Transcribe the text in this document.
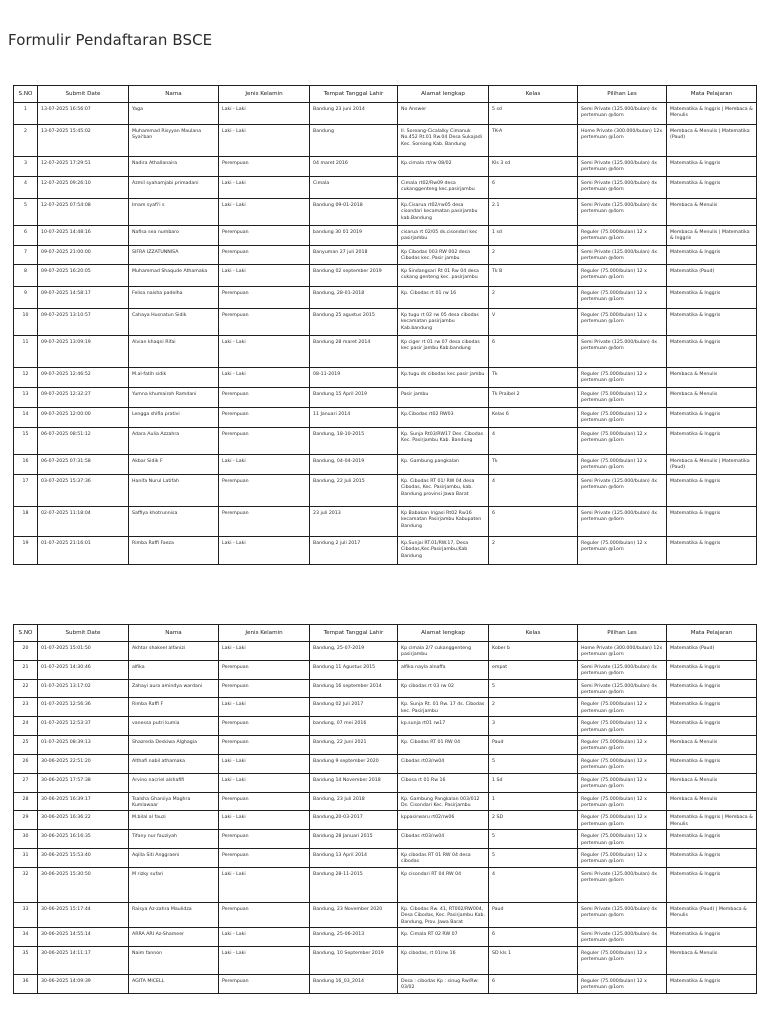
Formulir Pendaftaran BSCE
S.NO	Submit Date	Nama	Jenis Kelamin	Tempat Tanggal Lahir	Alamat lengkap	Kelas	Pilihan Les	Mata Pelajaran
1	13-07-2025 16:56:07	Yaga	Laki - Laki	Bandung 23 juni 2014	No Answer	5 sd	Semi Private (125.000/bulan) 4x pertemuan @4orn	Matematika & Inggris | Membaca & Menulis
2	13-07-2025 15:45:02	Muhammad Risyyan Maulana Syaiʻban	Laki - Laki	Bandung	Il. Soreang-Cicalalky Cimanuk No.452 Rt.01 Rw.04 Desa Sukajadi Kec. Soreang Kab. Bandung	TK-A	Home Private (300.000/bulan) 12x pertemuan @1orn	Membaca & Menulis | Matematika (Paud)
3	12-07-2025 17:29:51	Nadira Athallanaira	Perempuan	04 maret 2016	Kp.cimala rt/rw 08/02	Kls 3 sd	Semi Private (125.000/bulan) 4x pertemuan @4orn	Matematika & Inggris
4	12-07-2025 09:26:10	Azmil syahamjabi primadani	Laki - Laki	Cimala	Cimala rt02/Rw09 desa cukanggenteng kec.pasirjambu	6	Semi Private (125.000/bulan) 4x pertemuan @4orn	Matematika & Inggris
5	12-07-2025 07:54:08	Imam syafi'i s	Laki - Laki	Bandung 09-01-2018	Kp.Cisarua rt02/rw05 desa cisondari kecamatan pasirjambu kab.Bandung	2.1	Semi Private (125.000/bulan) 4x pertemuan @4orn	Membaca & Menulis
6	10-07-2025 14:48:16	Nafisa sea numbaro	Perempuan	bandung 30 01 2019	cisarua rt 02/05 ds.cisondari kec pasirjambu	1 sd	Reguler (75.000/bulan) 12 x pertemuan @1orn	Membaca & Menulis | Matematika & Inggris
7	09-07-2025 21:00:00	SIFRA IZZATUNNISA	Perempuan	Banyuman 27 juli 2018	Kp Cibodas 003 RW 002 desa Cibodas kec. Pasir jambu	2	Semi Private (125.000/bulan) 4x pertemuan @4orn	Matematika & Inggris
8	09-07-2025 16:20:05	Muhammad Shaqude Athamaka	Laki - Laki	Bandung 02 september 2019	Kp Sindangsari Rt 01 Rw 04 desa cukang genteng kec. pasirjambu	Tk B	Reguler (75.000/bulan) 12 x pertemuan @1orn	Matematika (Paud)
9	09-07-2025 14:58:17	Felisa naisha padelha	Perempuan	Bandung, 28-01-2018	Kp. Cibodas rt 01 rw 16	2	Reguler (75.000/bulan) 12 x pertemuan @1orn	Matematika & Inggris
10	09-07-2025 13:10:57	Cahaya Husnatun Sidik	Perempuan	Bandung 25 agustus 2015	Kp tugu rt 02 rw 05 desa cibodas kecamatan pasirjambu Kab.bandung	V	Reguler (75.000/bulan) 12 x pertemuan @1orn	Matematika & Inggris
11	09-07-2025 13:09:19	Alvian khaqni Rifai	Laki - Laki	Bandung 28 maret 2014	Kp ciger rt 01 rw 07 desa cibodas kec pasir jambu Kab.bandung	6	Semi Private (125.000/bulan) 4x pertemuan @4orn	Matematika & Inggris
12	09-07-2025 12:46:52	M.al-fatih sidik	Laki - Laki	08-11-2019	Kp.tugu ds cibodas kec.pasir jambu	Tk	Reguler (75.000/bulan) 12 x pertemuan @1orn	Membaca & Menulis
13	09-07-2025 12:32:27	Yumna khumairoh Ramdani	Perempuan	Bandung 15 April 2019	Pasir jambu	Tk Praibel 2	Reguler (75.000/bulan) 12 x pertemuan @1orn	Membaca & Menulis
14	09-07-2025 12:00:00	Lengga shifla prativi	Perempuan	11 Januari 2014	Kp.Cibodas rt02 RW03	Kelas 6	Reguler (75.000/bulan) 12 x pertemuan @1orn	Matematika & Inggris
15	06-07-2025 08:51:12	Adara Aulia Azzahra	Perempuan	Bandung, 18-10-2015	Kp. Sunja Rt03/RW17 Des. Cibodas Kec. Pasirjambu Kab. Bandung	4	Reguler (75.000/bulan) 12 x pertemuan @1orn	Matematika & Inggris
16	06-07-2025 07:31:58	Akbar Sidik F	Laki - Laki	Bandung, 04-04-2019	Kp. Gambung pangkalan	Tk	Reguler (75.000/bulan) 12 x pertemuan @1orn	Membaca & Menulis | Matematika (Paud)
17	03-07-2025 15:37:36	Hanifa Nurul Latifah	Perempuan	Bandung, 22 Juli 2015	Kp. Cibodas RT 01/ RW 04 desa Cibodas, Kec. Pasirjambu, kab. Bandung provinsi Jawa Barat	4	Semi Private (125.000/bulan) 4x pertemuan @4orn	Matematika & Inggris
18	02-07-2025 11:18:04	Saffiya khotrunnisa	Perempuan	23 juli 2013	Kp Babakan Irigasi Rt02 Rw16 kecamatan Pasirjambu Kabupaten Bandung	6	Semi Private (125.000/bulan) 4x pertemuan @4orn	Matematika & Inggris
19	01-07-2025 21:16:01	Rimba Raffi Faeza	Laki - Laki	Bandung 2 juli 2017	Kp.Sunjai RT.01/RW.17, Desa Cibodas,Kec.Pasirjambu,Kab Bandung	2	Reguler (75.000/bulan) 12 x pertemuan @1orn	Matematika & Inggris
S.NO	Submit Date	Nama	Jenis Kelamin	Tempat Tanggal Lahir	Alamat lengkap	Kelas	Pilihan Les	Mata Pelajaran
20	01-07-2025 15:01:50	Akhtar shakeel alfanizi	Laki - Laki	Bandung, 25-07-2019	Kp cimala 2/7 cukanggenteng pasirjambu	Kober b	Home Private (300.000/bulan) 12x pertemuan @1orn	Matematika (Paud)
21	01-07-2025 14:30:46	alfika	Perempuan	Bandung 11 Agustus 2015	alfika nayla alnaffa	empat	Semi Private (125.000/bulan) 4x pertemuan @4orn	Matematika & Inggris
22	01-07-2025 13:17:02	Zahayi aura amindya wardani	Perempuan	Bandung 16 september 2014	Kp cibodas rt 03 rw 02	5	Semi Private (125.000/bulan) 4x pertemuan @4orn	Matematika & Inggris
23	01-07-2025 12:56:36	Rimba Raffi F	Laki - Laki	Bandung 02 Juli 2017	Kp. Sunja Rt. 01 Rw. 17 ds. Cibodas kec. Pasirjambu	2	Reguler (75.000/bulan) 12 x pertemuan @1orn	Matematika & Inggris
24	01-07-2025 12:53:37	vanessa putri kumia	Perempuan	bandung, 07 mei 2016	kp.sunja rt01 rw17	3	Reguler (75.000/bulan) 12 x pertemuan @1orn	Matematika & Inggris
25	01-07-2025 08:39:13	Shazreda Deskiwa Alghagia	Perempuan	Bandung, 22 Juni 2021	Kp. Cibodas RT 01 RW 04	Paud	Reguler (75.000/bulan) 12 x pertemuan @1orn	Membaca & Menulis
26	30-06-2025 22:51:20	Althafi nabil athamaka	Laki - Laki	Bandung 9 september 2020	Cibodas rt03/rw04	5	Reguler (75.000/bulan) 12 x pertemuan @1orn	Matematika & Inggris
27	30-06-2025 17:57:38	Arvino nacriel alshafifi	Laki - Laki	Bandung 14 November 2018	Cibosa rt 01 Rw 16	1 Sd	Reguler (75.000/bulan) 12 x pertemuan @1orn	Membaca & Menulis
28	30-06-2025 16:39:17	Tsalsha Ghaniiya Maghra Kumlawaar	Perempuan	Bandung, 23 Juli 2018	Kp. Gambung Pangkalan 003/012 Ds. Cisondari Kec. Pasirjambu	1	Reguler (75.000/bulan) 12 x pertemuan @1orn	Membaca & Menulis
29	30-06-2025 16:36:22	M.bilal al fauzi	Laki - Laki	Bandung,20-03-2017	kppasirwaru rt02/rw06	2 SD	Reguler (75.000/bulan) 12 x pertemuan @1orn	Matematika & Inggris | Membaca & Menulis
30	30-06-2025 16:16:35	Tifany nur fauziyah	Perempuan	Bandung 28 Januari 2015	Cibodas rt03/rw04	5	Reguler (75.000/bulan) 12 x pertemuan @1orn	Matematika & Inggris
31	30-06-2025 15:53:40	Aqilla Siti Anggraeni	Perempuan	Bandung 13 April 2014	Kp cibodas RT 01 RW 04 desa cibodas	5	Reguler (75.000/bulan) 12 x pertemuan @1orn	Matematika & Inggris
32	30-06-2025 15:30:50	M rizky sufari	Laki - Laki	Bandung 28-11-2015	Kp cisondari RT 04 RW 04	4	Semi Private (125.000/bulan) 4x pertemuan @4orn	Matematika & Inggris
33	30-06-2025 15:17:44	Raisya Az-zahra Maulidza	Perempuan	Bandung, 23 November 2020	Kp. Cibodas Rw. 41, RT002/RW004, Desa Cibodas, Kec. Pasirjambu Kab. Bandung, Prov. Jawa Barat	Paud	Semi Private (125.000/bulan) 4x pertemuan @4orn	Matematika (Paud) | Membaca & Menulis
34	30-06-2025 14:55:14	ARRA ARI Az-Shameer	Laki - Laki	Bandung, 25-06-2013	Kp. Cimala RT 02 RW 07	6	Semi Private (125.000/bulan) 4x pertemuan @4orn	Matematika & Inggris
35	30-06-2025 14:11:17	Naim fannon	Laki - Laki	Bandung, 10 September 2019	Kp cibodas, rt 01/rw 16	SD kls 1	Reguler (75.000/bulan) 12 x pertemuan @1orn	Membaca & Menulis
36	30-06-2025 14:09:39	AGITA MICELL	Perempuan	Bandung 16_03_2014	Desa : cibodas Kp : sinug Rw/Rw: 03/02	6	Reguler (75.000/bulan) 12 x pertemuan @1orn	Matematika & Inggris
